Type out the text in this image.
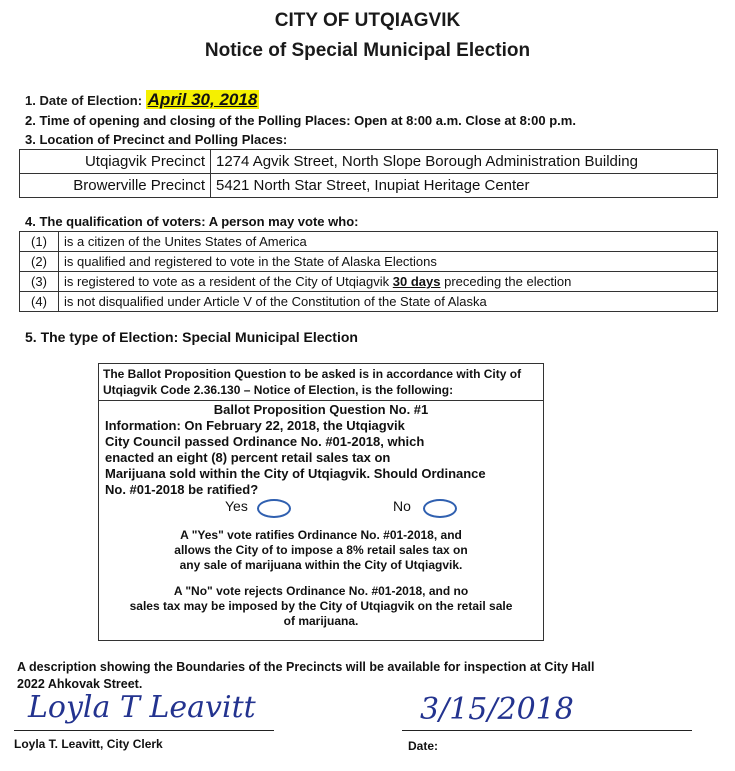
CITY OF UTQIAGVIK
Notice of Special Municipal Election
1. Date of Election: April 30, 2018
2. Time of opening and closing of the Polling Places: Open at 8:00 a.m. Close at 8:00 p.m.
3. Location of Precinct and Polling Places:
Utqiagvik Precinct	1274 Agvik Street, North Slope Borough Administration Building
Browerville Precinct	5421 North Star Street, Inupiat Heritage Center
4. The qualification of voters: A person may vote who:
(1)	is a citizen of the Unites States of America
(2)	is qualified and registered to vote in the State of Alaska Elections
(3)	is registered to vote as a resident of the City of Utqiagvik 30 days preceding the election
(4)	is not disqualified under Article V of the Constitution of the State of Alaska
5. The type of Election: Special Municipal Election
The Ballot Proposition Question to be asked is in accordance with City of
Utqiagvik Code 2.36.130 – Notice of Election, is the following:
Ballot Proposition Question No. #1
Information: On February 22, 2018, the Utqiagvik
City Council passed Ordinance No. #01-2018, which
enacted an eight (8) percent retail sales tax on
Marijuana sold within the City of Utqiagvik. Should Ordinance
No. #01-2018 be ratified?
Yes	No
A "Yes" vote ratifies Ordinance No. #01-2018, and
allows the City of to impose a 8% retail sales tax on
any sale of marijuana within the City of Utqiagvik.
A "No" vote rejects Ordinance No. #01-2018, and no
sales tax may be imposed by the City of Utqiagvik on the retail sale
of marijuana.
A description showing the Boundaries of the Precincts will be available for inspection at City Hall
2022 Ahkovak Street.
Loyla T Leavitt
Loyla T. Leavitt, City Clerk
3/15/2018
Date:
